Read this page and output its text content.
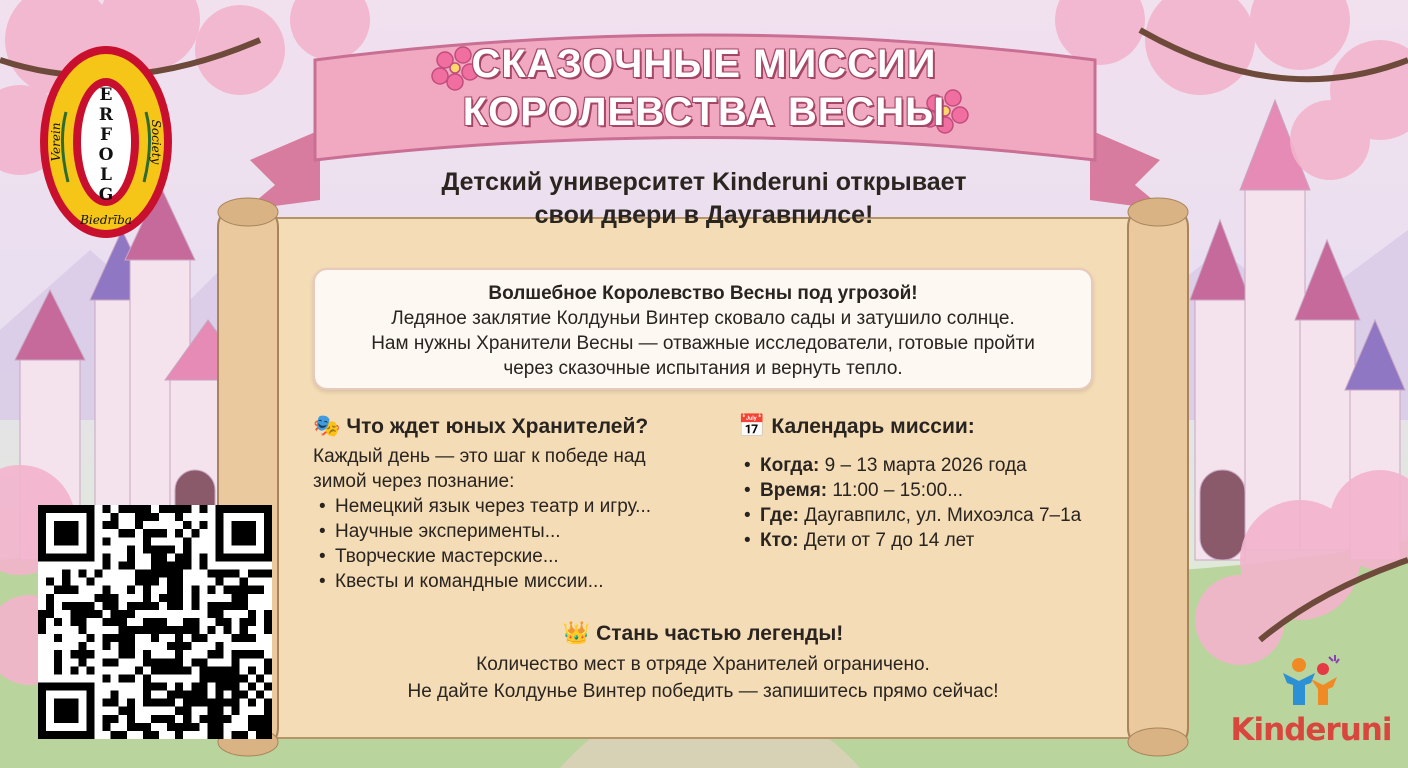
E
R
F
O
L
G
Verein	Society
Biedrība
СКАЗОЧНЫЕ МИССИИ
КОРОЛЕВСТВА ВЕСНЫ
Детский университет Kinderuni открывает
свои двери в Даугавпилсе!
Волшебное Королевство Весны под угрозой!
Ледяное заклятие Колдуньи Винтер сковало сады и затушило солнце.
Нам нужны Хранители Весны — отважные исследователи, готовые пройти
через сказочные испытания и вернуть тепло.
🎭 Что ждет юных Хранителей?
Каждый день — это шаг к победе над
зимой через познание:
• Немецкий язык через театр и игру...
• Научные эксперименты...
• Творческие мастерские...
• Квесты и командные миссии...
📅 Календарь миссии:
• Когда: 9 – 13 марта 2026 года
• Время: 11:00 – 15:00...
• Где: Даугавпилс, ул. Михоэлса 7–1а
• Кто: Дети от 7 до 14 лет
👑 Стань частью легенды!
Количество мест в отряде Хранителей ограничено.
Не дайте Колдунье Винтер победить — запишитесь прямо сейчас!
Kinderuni
